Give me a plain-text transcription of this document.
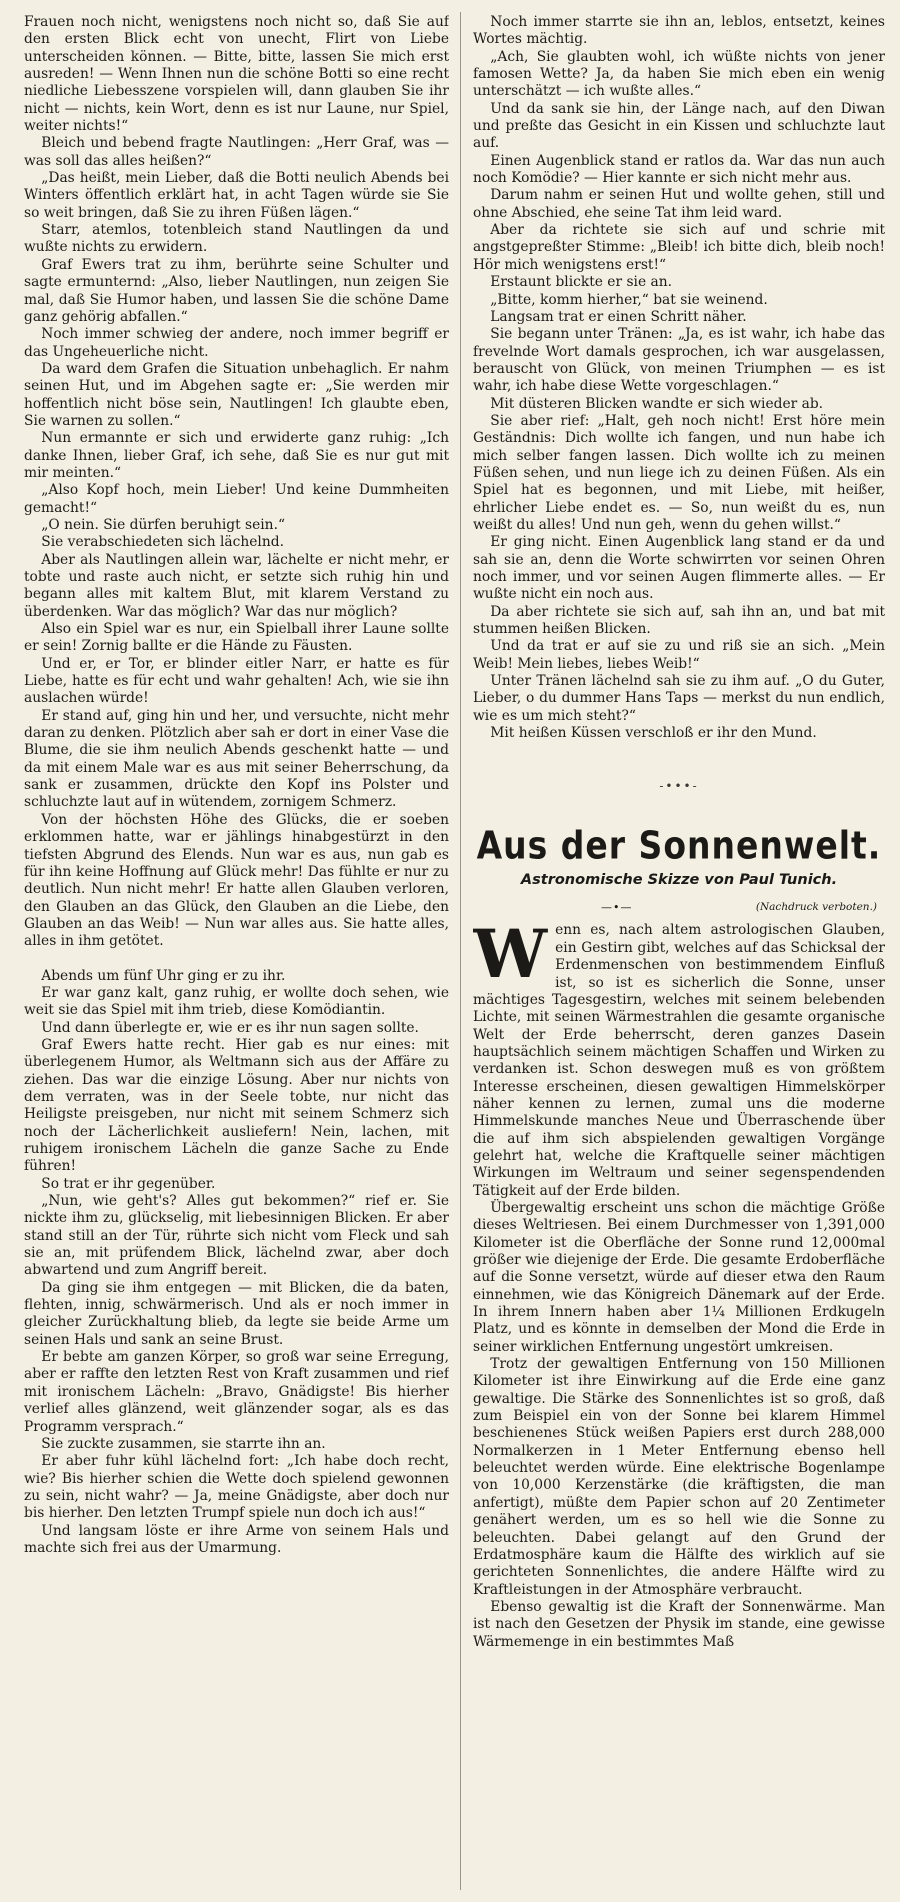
Frauen noch nicht, wenigstens noch nicht so, daß Sie auf den ersten Blick echt von unecht, Flirt von Liebe unterscheiden können. — Bitte, bitte, lassen Sie mich erst ausreden! — Wenn Ihnen nun die schöne Botti so eine recht niedliche Liebesszene vorspielen will, dann glauben Sie ihr nicht — nichts, kein Wort, denn es ist nur Laune, nur Spiel, weiter nichts!“

Bleich und bebend fragte Nautlingen: „Herr Graf, was — was soll das alles heißen?“

„Das heißt, mein Lieber, daß die Botti neulich Abends bei Winters öffentlich erklärt hat, in acht Tagen würde sie Sie so weit bringen, daß Sie zu ihren Füßen lägen.“

Starr, atemlos, totenbleich stand Nautlingen da und wußte nichts zu erwidern.

Graf Ewers trat zu ihm, berührte seine Schulter und sagte ermunternd: „Also, lieber Nautlingen, nun zeigen Sie mal, daß Sie Humor haben, und lassen Sie die schöne Dame ganz gehörig abfallen.“

Noch immer schwieg der andere, noch immer begriff er das Ungeheuerliche nicht.

Da ward dem Grafen die Situation unbehaglich. Er nahm seinen Hut, und im Abgehen sagte er: „Sie werden mir hoffentlich nicht böse sein, Nautlingen! Ich glaubte eben, Sie warnen zu sollen.“

Nun ermannte er sich und erwiderte ganz ruhig: „Ich danke Ihnen, lieber Graf, ich sehe, daß Sie es nur gut mit mir meinten.“

„Also Kopf hoch, mein Lieber! Und keine Dummheiten gemacht!“

„O nein. Sie dürfen beruhigt sein.“

Sie verabschiedeten sich lächelnd.

Aber als Nautlingen allein war, lächelte er nicht mehr, er tobte und raste auch nicht, er setzte sich ruhig hin und begann alles mit kaltem Blut, mit klarem Verstand zu überdenken. War das möglich? War das nur möglich?

Also ein Spiel war es nur, ein Spielball ihrer Laune sollte er sein! Zornig ballte er die Hände zu Fäusten.

Und er, er Tor, er blinder eitler Narr, er hatte es für Liebe, hatte es für echt und wahr gehalten! Ach, wie sie ihn auslachen würde!

Er stand auf, ging hin und her, und versuchte, nicht mehr daran zu denken. Plötzlich aber sah er dort in einer Vase die Blume, die sie ihm neulich Abends geschenkt hatte — und da mit einem Male war es aus mit seiner Beherrschung, da sank er zusammen, drückte den Kopf ins Polster und schluchzte laut auf in wütendem, zornigem Schmerz.

Von der höchsten Höhe des Glücks, die er soeben erklommen hatte, war er jählings hinabgestürzt in den tiefsten Abgrund des Elends. Nun war es aus, nun gab es für ihn keine Hoffnung auf Glück mehr! Das fühlte er nur zu deutlich. Nun nicht mehr! Er hatte allen Glauben verloren, den Glauben an das Glück, den Glauben an die Liebe, den Glauben an das Weib! — Nun war alles aus. Sie hatte alles, alles in ihm getötet.

Abends um fünf Uhr ging er zu ihr.

Er war ganz kalt, ganz ruhig, er wollte doch sehen, wie weit sie das Spiel mit ihm trieb, diese Komödiantin.

Und dann überlegte er, wie er es ihr nun sagen sollte.

Graf Ewers hatte recht. Hier gab es nur eines: mit überlegenem Humor, als Weltmann sich aus der Affäre zu ziehen. Das war die einzige Lösung. Aber nur nichts von dem verraten, was in der Seele tobte, nur nicht das Heiligste preisgeben, nur nicht mit seinem Schmerz sich noch der Lächerlichkeit ausliefern! Nein, lachen, mit ruhigem ironischem Lächeln die ganze Sache zu Ende führen!

So trat er ihr gegenüber.

„Nun, wie geht's? Alles gut bekommen?“ rief er. Sie nickte ihm zu, glückselig, mit liebesinnigen Blicken. Er aber stand still an der Tür, rührte sich nicht vom Fleck und sah sie an, mit prüfendem Blick, lächelnd zwar, aber doch abwartend und zum Angriff bereit.

Da ging sie ihm entgegen — mit Blicken, die da baten, flehten, innig, schwärmerisch. Und als er noch immer in gleicher Zurückhaltung blieb, da legte sie beide Arme um seinen Hals und sank an seine Brust.

Er bebte am ganzen Körper, so groß war seine Erregung, aber er raffte den letzten Rest von Kraft zusammen und rief mit ironischem Lächeln: „Bravo, Gnädigste! Bis hierher verlief alles glänzend, weit glänzender sogar, als es das Programm versprach.“

Sie zuckte zusammen, sie starrte ihn an.

Er aber fuhr kühl lächelnd fort: „Ich habe doch recht, wie? Bis hierher schien die Wette doch spielend gewonnen zu sein, nicht wahr? — Ja, meine Gnädigste, aber doch nur bis hierher. Den letzten Trumpf spiele nun doch ich aus!“

Und langsam löste er ihre Arme von seinem Hals und machte sich frei aus der Umarmung.

Noch immer starrte sie ihn an, leblos, entsetzt, keines Wortes mächtig.

„Ach, Sie glaubten wohl, ich wüßte nichts von jener famosen Wette? Ja, da haben Sie mich eben ein wenig unterschätzt — ich wußte alles.“

Und da sank sie hin, der Länge nach, auf den Diwan und preßte das Gesicht in ein Kissen und schluchzte laut auf.

Einen Augenblick stand er ratlos da. War das nun auch noch Komödie? — Hier kannte er sich nicht mehr aus.

Darum nahm er seinen Hut und wollte gehen, still und ohne Abschied, ehe seine Tat ihm leid ward.

Aber da richtete sie sich auf und schrie mit angstgepreßter Stimme: „Bleib! ich bitte dich, bleib noch! Hör mich wenigstens erst!“

Erstaunt blickte er sie an.

„Bitte, komm hierher,“ bat sie weinend.

Langsam trat er einen Schritt näher.

Sie begann unter Tränen: „Ja, es ist wahr, ich habe das frevelnde Wort damals gesprochen, ich war ausgelassen, berauscht von Glück, von meinen Triumphen — es ist wahr, ich habe diese Wette vorgeschlagen.“

Mit düsteren Blicken wandte er sich wieder ab.

Sie aber rief: „Halt, geh noch nicht! Erst höre mein Geständnis: Dich wollte ich fangen, und nun habe ich mich selber fangen lassen. Dich wollte ich zu meinen Füßen sehen, und nun liege ich zu deinen Füßen. Als ein Spiel hat es begonnen, und mit Liebe, mit heißer, ehrlicher Liebe endet es. — So, nun weißt du es, nun weißt du alles! Und nun geh, wenn du gehen willst.“

Er ging nicht. Einen Augenblick lang stand er da und sah sie an, denn die Worte schwirrten vor seinen Ohren noch immer, und vor seinen Augen flimmerte alles. — Er wußte nicht ein noch aus.

Da aber richtete sie sich auf, sah ihn an, und bat mit stummen heißen Blicken.

Und da trat er auf sie zu und riß sie an sich. „Mein Weib! Mein liebes, liebes Weib!“

Unter Tränen lächelnd sah sie zu ihm auf. „O du Guter, Lieber, o du dummer Hans Taps — merkst du nun endlich, wie es um mich steht?“

Mit heißen Küssen verschloß er ihr den Mund.

-•••-
Aus der Sonnenwelt.
Astronomische Skizze von Paul Tunich.
—•—	(Nachdruck verboten.)

Wenn es, nach altem astrologischen Glauben, ein Gestirn gibt, welches auf das Schicksal der Erdenmenschen von bestimmendem Einfluß ist, so ist es sicherlich die Sonne, unser mächtiges Tagesgestirn, welches mit seinem belebenden Lichte, mit seinen Wärmestrahlen die gesamte organische Welt der Erde beherrscht, deren ganzes Dasein hauptsächlich seinem mächtigen Schaffen und Wirken zu verdanken ist. Schon deswegen muß es von größtem Interesse erscheinen, diesen gewaltigen Himmelskörper näher kennen zu lernen, zumal uns die moderne Himmelskunde manches Neue und Überraschende über die auf ihm sich abspielenden gewaltigen Vorgänge gelehrt hat, welche die Kraftquelle seiner mächtigen Wirkungen im Weltraum und seiner segenspendenden Tätigkeit auf der Erde bilden.

Übergewaltig erscheint uns schon die mächtige Größe dieses Weltriesen. Bei einem Durchmesser von 1,391,000 Kilometer ist die Oberfläche der Sonne rund 12,000mal größer wie diejenige der Erde. Die gesamte Erdoberfläche auf die Sonne versetzt, würde auf dieser etwa den Raum einnehmen, wie das Königreich Dänemark auf der Erde. In ihrem Innern haben aber 1¼ Millionen Erdkugeln Platz, und es könnte in demselben der Mond die Erde in seiner wirklichen Entfernung ungestört umkreisen.

Trotz der gewaltigen Entfernung von 150 Millionen Kilometer ist ihre Einwirkung auf die Erde eine ganz gewaltige. Die Stärke des Sonnenlichtes ist so groß, daß zum Beispiel ein von der Sonne bei klarem Himmel beschienenes Stück weißen Papiers erst durch 288,000 Normalkerzen in 1 Meter Entfernung ebenso hell beleuchtet werden würde. Eine elektrische Bogenlampe von 10,000 Kerzenstärke (die kräftigsten, die man anfertigt), müßte dem Papier schon auf 20 Zentimeter genähert werden, um es so hell wie die Sonne zu beleuchten. Dabei gelangt auf den Grund der Erdatmosphäre kaum die Hälfte des wirklich auf sie gerichteten Sonnenlichtes, die andere Hälfte wird zu Kraftleistungen in der Atmosphäre verbraucht.

Ebenso gewaltig ist die Kraft der Sonnenwärme. Man ist nach den Gesetzen der Physik im stande, eine gewisse Wärmemenge in ein bestimmtes Maß
